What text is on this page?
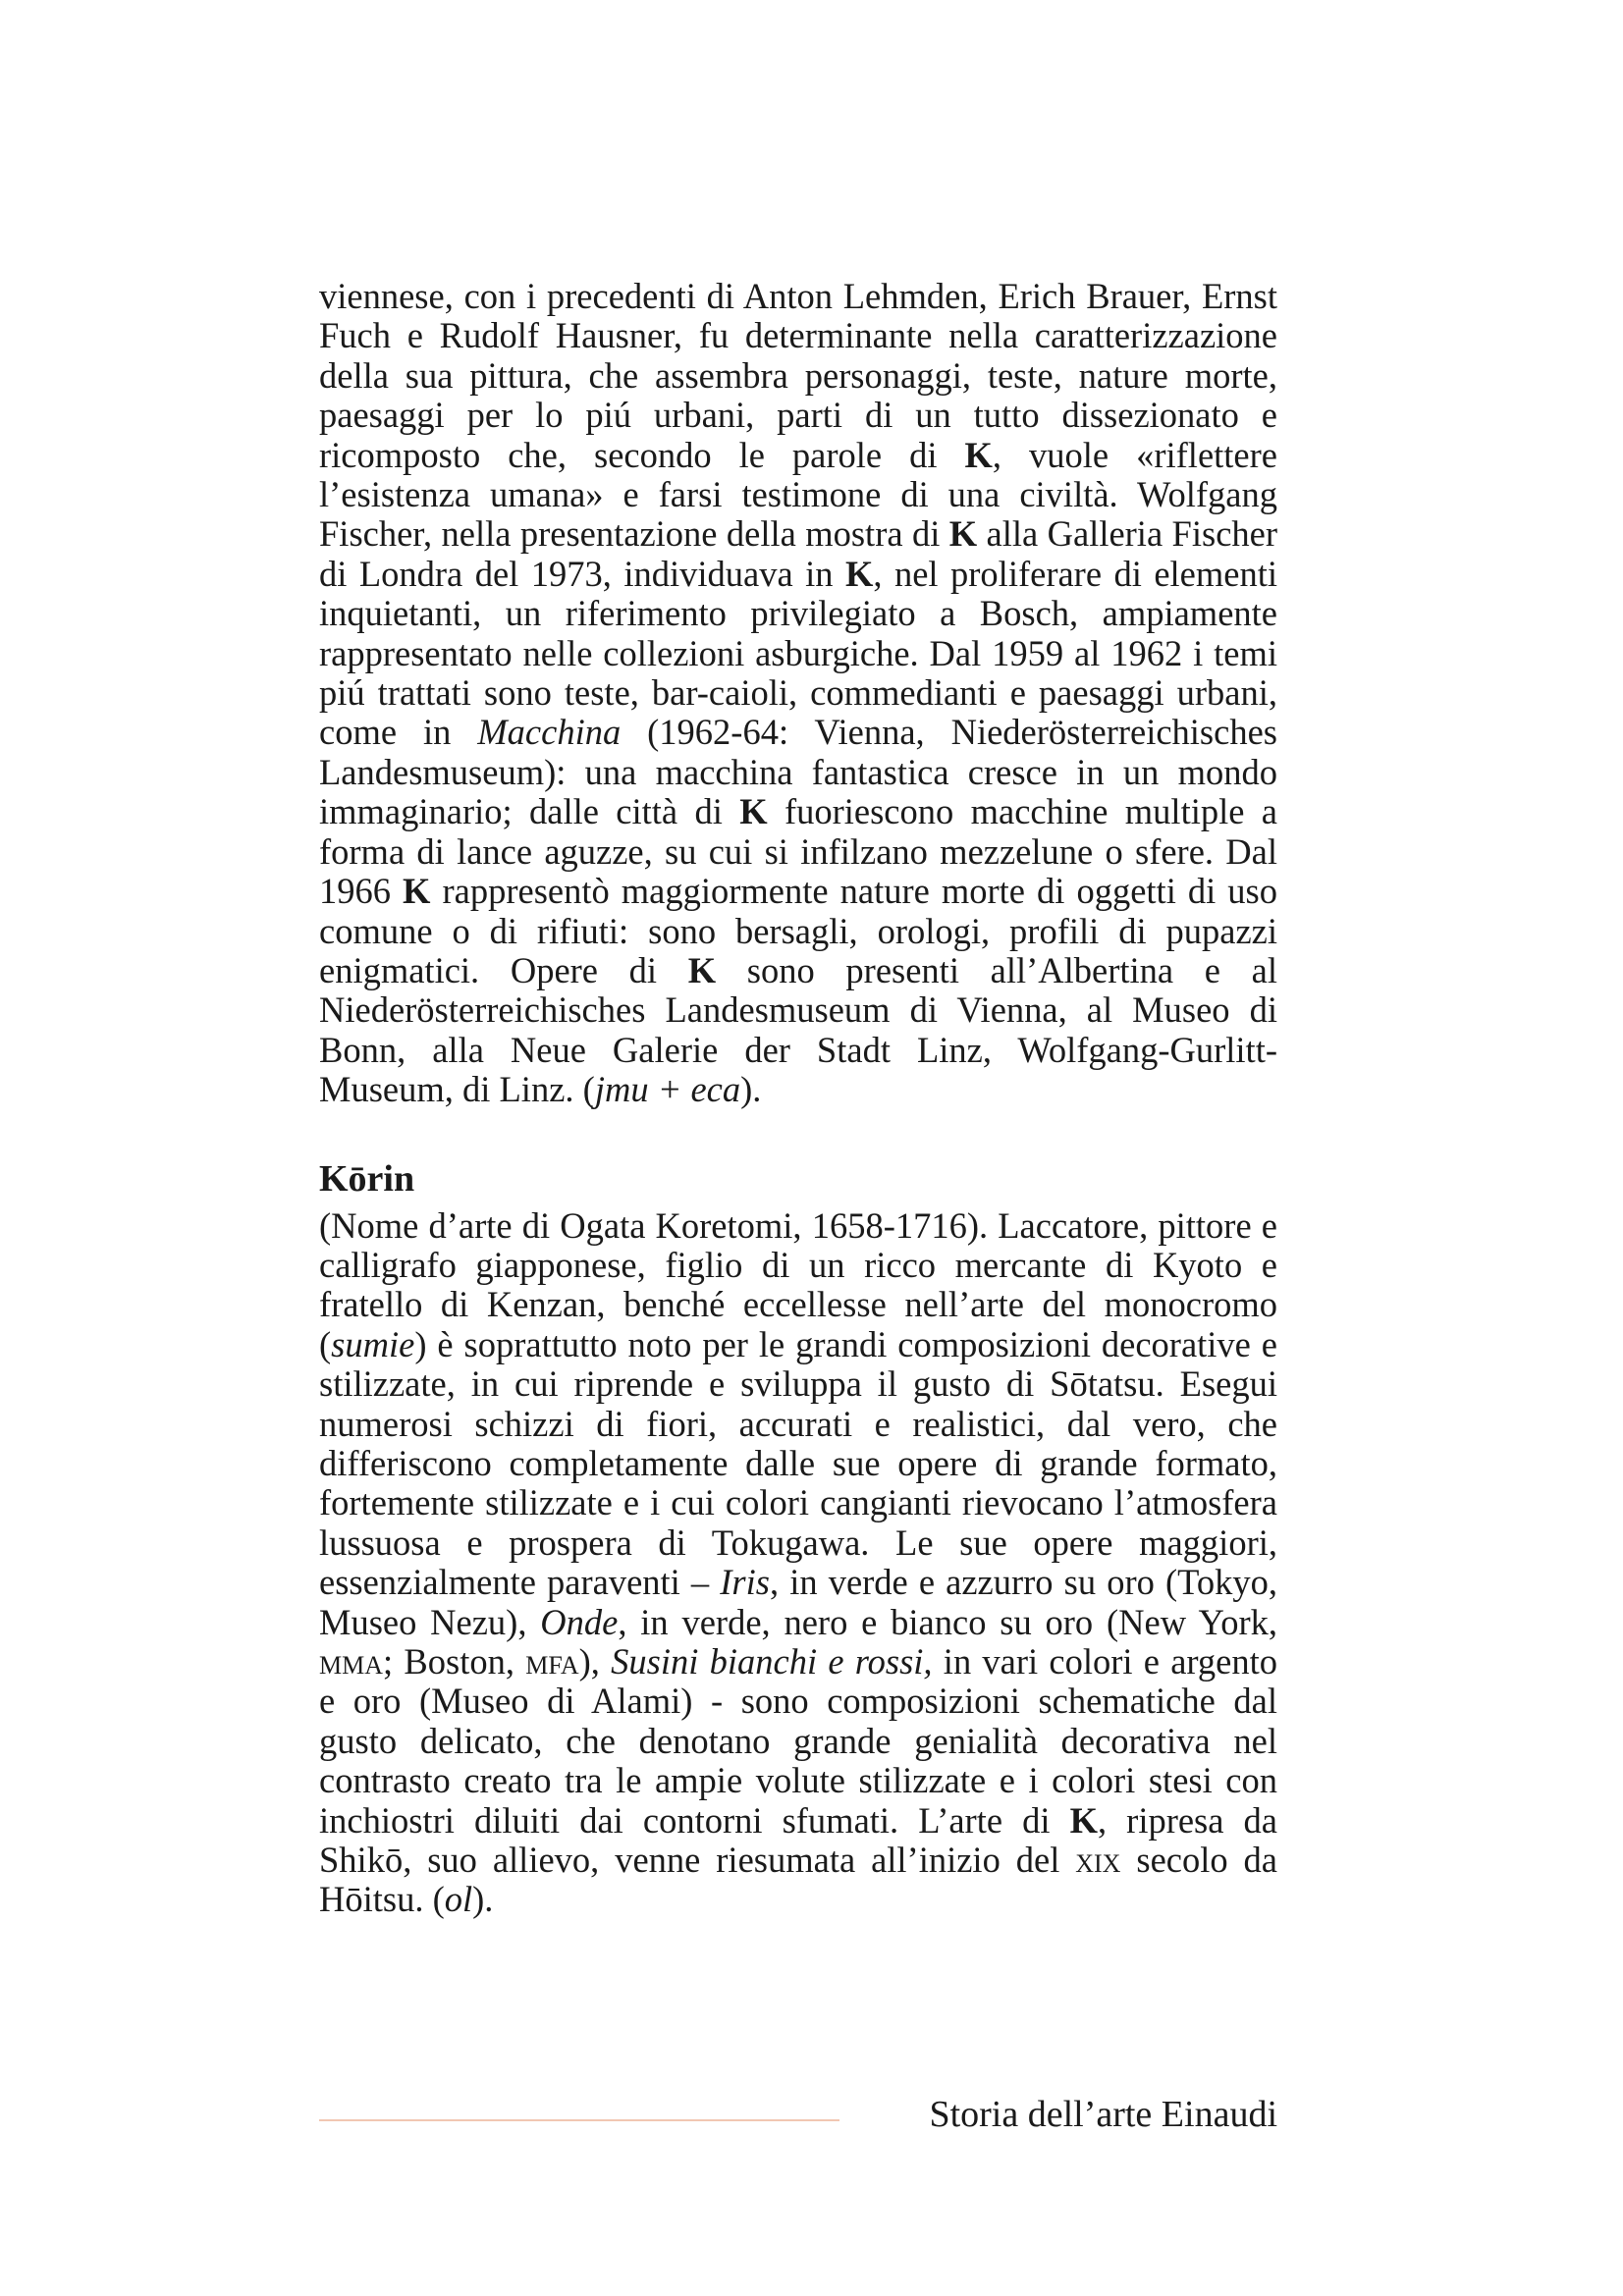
viennese, con i precedenti di Anton Lehmden, Erich Brauer, Ernst Fuch e Rudolf Hausner, fu determinante nella caratterizzazione della sua pittura, che assembra personaggi, teste, nature morte, paesaggi per lo piú urbani, parti di un tutto dissezionato e ricomposto che, secondo le parole di K, vuole «riflettere l’esistenza umana» e farsi testimone di una civiltà. Wolfgang Fischer, nella presentazione della mostra di K alla Galleria Fischer di Londra del 1973, individuava in K, nel proliferare di elementi inquietanti, un riferimento privilegiato a Bosch, ampiamente rappresentato nelle collezioni asburgiche. Dal 1959 al 1962 i temi piú trattati sono teste, bar-caioli, commedianti e paesaggi urbani, come in Macchina (1962-64: Vienna, Niederösterreichisches Landesmuseum): una macchina fantastica cresce in un mondo immaginario; dalle città di K fuoriescono macchine multiple a forma di lance aguzze, su cui si infilzano mezzelune o sfere. Dal 1966 K rappresentò maggiormente nature morte di oggetti di uso comune o di rifiuti: sono bersagli, orologi, profili di pupazzi enigmatici. Opere di K sono presenti all’Albertina e al Niederösterreichisches Landesmuseum di Vienna, al Museo di Bonn, alla Neue Galerie der Stadt Linz, Wolfgang-Gurlitt-Museum, di Linz. (jmu + eca).

Kōrin

(Nome d’arte di Ogata Koretomi, 1658-1716). Laccatore, pittore e calligrafo giapponese, figlio di un ricco mercante di Kyoto e fratello di Kenzan, benché eccellesse nell’arte del monocromo (sumie) è soprattutto noto per le grandi composizioni decorative e stilizzate, in cui riprende e sviluppa il gusto di Sōtatsu. Esegui numerosi schizzi di fiori, accurati e realistici, dal vero, che differiscono completamente dalle sue opere di grande formato, fortemente stilizzate e i cui colori cangianti rievocano l’atmosfera lussuosa e prospera di Tokugawa. Le sue opere maggiori, essenzialmente paraventi – Iris, in verde e azzurro su oro (Tokyo, Museo Nezu), Onde, in verde, nero e bianco su oro (New York, mma; Boston, mfa), Susini bianchi e rossi, in vari colori e argento e oro (Museo di Alami) - sono composizioni schematiche dal gusto delicato, che denotano grande genialità decorativa nel contrasto creato tra le ampie volute stilizzate e i colori stesi con inchiostri diluiti dai contorni sfumati. L’arte di K, ripresa da Shikō, suo allievo, venne riesumata all’inizio del xix secolo da Hōitsu. (ol).

Storia dell’arte Einaudi
